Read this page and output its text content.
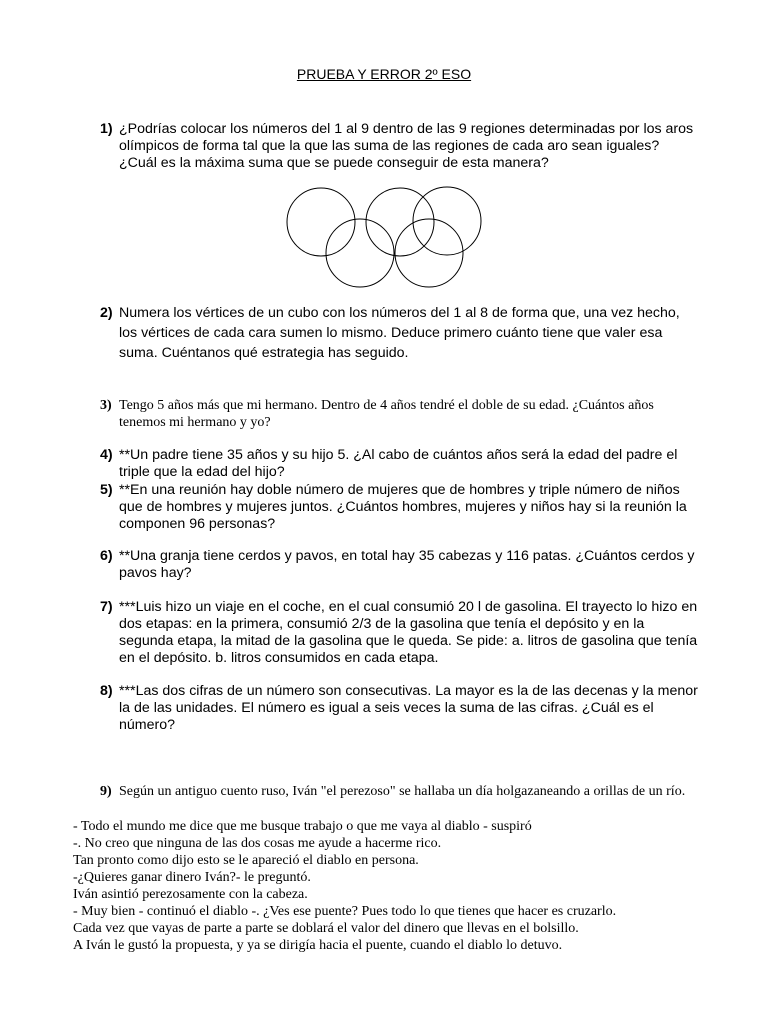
PRUEBA Y ERROR 2º ESO
1) ¿Podrías colocar los números del 1 al 9 dentro de las 9 regiones determinadas por los aros olímpicos de forma tal que la que las suma de las regiones de cada aro sean iguales? ¿Cuál es la máxima suma que se puede conseguir de esta manera?
2) Numera los vértices de un cubo con los números del 1 al 8 de forma que, una vez hecho, los vértices de cada cara sumen lo mismo. Deduce primero cuánto tiene que valer esa suma. Cuéntanos qué estrategia has seguido.
3) Tengo 5 años más que mi hermano. Dentro de 4 años tendré el doble de su edad. ¿Cuántos años tenemos mi hermano y yo?
4) **Un padre tiene 35 años y su hijo 5. ¿Al cabo de cuántos años será la edad del padre el triple que la edad del hijo?
5) **En una reunión hay doble número de mujeres que de hombres y triple número de niños que de hombres y mujeres juntos. ¿Cuántos hombres, mujeres y niños hay si la reunión la componen 96 personas?
6) **Una granja tiene cerdos y pavos, en total hay 35 cabezas y 116 patas. ¿Cuántos cerdos y pavos hay?
7) ***Luis hizo un viaje en el coche, en el cual consumió 20 l de gasolina. El trayecto lo hizo en dos etapas: en la primera, consumió 2/3 de la gasolina que tenía el depósito y en la segunda etapa, la mitad de la gasolina que le queda. Se pide: a. litros de gasolina que tenía en el depósito. b. litros consumidos en cada etapa.
8) ***Las dos cifras de un número son consecutivas. La mayor es la de las decenas y la menor la de las unidades. El número es igual a seis veces la suma de las cifras. ¿Cuál es el número?
9) Según un antiguo cuento ruso, Iván "el perezoso" se hallaba un día holgazaneando a orillas de un río.
- Todo el mundo me dice que me busque trabajo o que me vaya al diablo - suspiró
-. No creo que ninguna de las dos cosas me ayude a hacerme rico.
Tan pronto como dijo esto se le apareció el diablo en persona.
-¿Quieres ganar dinero Iván?- le preguntó.
Iván asintió perezosamente con la cabeza.
- Muy bien - continuó el diablo -. ¿Ves ese puente? Pues todo lo que tienes que hacer es cruzarlo.
Cada vez que vayas de parte a parte se doblará el valor del dinero que llevas en el bolsillo.
A Iván le gustó la propuesta, y ya se dirigía hacia el puente, cuando el diablo lo detuvo.
